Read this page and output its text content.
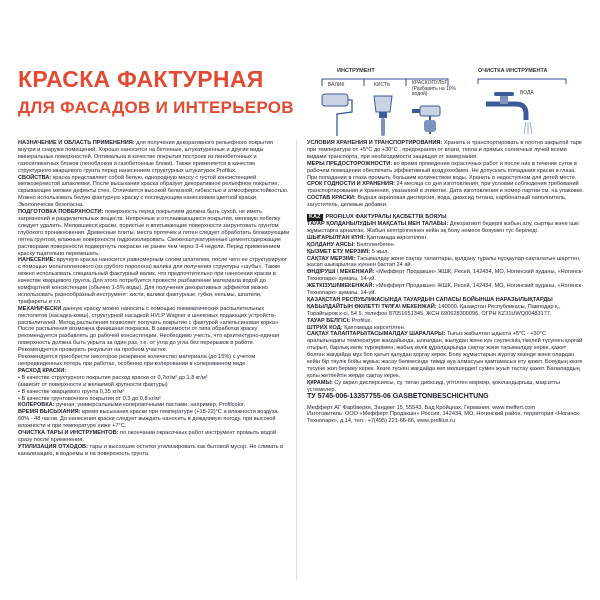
КРАСКА ФАКТУРНАЯ
ДЛЯ ФАСАДОВ И ИНТЕРЬЕРОВ
ИНСТРУМЕНТ
ВАЛИК	КИСТЬ	КРАСКОПУЛЬТ
(Разбавить на 10% водой)
ОЧИСТКА ИНСТРУМЕНТА
ВОДА

НАЗНАЧЕНИЕ И ОБЛАСТЬ ПРИМЕНЕНИЯ: для получения декоративного рельефного покрытия внутри и снаружи помещений. Хорошо наносится на бетонные, штукатуренные и другие виды минеральных поверхностей. Оптимальна в качестве покрытия построек из пенобетонных и газосиликатных блоков (пеноблоков и газобетонные блоки). Также применяется в качестве структурного кварцевого грунта перед нанесением структурных штукатурок Profilux.

СВОЙСТВА: краска представляет собой белую, однородную массу с густой консистенцией мелкозернистой шпаклевки. После высыхания краска образует декоративное рельефное покрытие, скрывающее мелкие дефекты стен. Отличается высокой белизной, гибкостью и атмосферостойкостью. Можно использовать белую фактурную краску с последующим нанесением цветной краски. Экологически безопасна.

ПОДГОТОВКА ПОВЕРХНОСТИ: поверхность перед покрытием должна быть сухой, не иметь загрязнений и разделительных веществ. Непрочные и отслаивающиеся покрытия, меловую побелку следует удалить. Меловшиеся краски, пористые и впитывающие поверхности загрунтовать грунтом глубокого проникновения. Древесные плиты, места протечек и пятен следует обработать блокирующим пятна грунтом, влажные поверхности гидроизолировать. Свежеоштукатуренные цементсодержащие растворами поверхности подвергнуть покраске не ранее чем через 3-4 недели. Перед применением краску тщательно перемешать.

НАНЕСЕНИЕ: вручную краска наносится равномерным слоем шпателем, после чего ее структурируют с помощью мольтопленового (из грубого поролона) валика для получения структуры «шубы». Также можно использовать специальный фактурный валик, что предпочтительно при нанесении краски в качестве кварцевого грунта. Для этого потребуется провести разбавление материала водой до комфортной консистенции (обычно 1-5% воды). Для получения декоративных эффектов можно использовать разнообразный инструмент: кисти, валики фактурные, губки, кельмы, шпатели, трафареты и т.п.

МЕХАНИЧЕСКИ данную краску можно наносить с помощью пневматических распылительных пистолетов (насадка-ковш), структурной насадкой HVLP Wagner и шнековых подающих устройств-распылителей. Метод распыления позволяет получать покрытие с фактурой «апельсиновая корка». После распыления возможна финишная покраска. В зависимости от типа обработки краску рекомендуется разбавлять до рабочей консистенции. Необходимо учесть, что архитектурно-единая поверхность должна быть укрыта за один раз, т.е. от угла до угла без перерывов в работе. Рекомендуется проверить результат на пробном участке.

Рекомендуется приобрести некоторое резервное количество материала (до 15%) с учетом непредвиденных потерь при работах, особенно при колеровании в колерованном виде.

РАСХОД КРАСКИ:

• В качестве структурного покрытия расход краски от 0,7кг/м² до 1,8 кг/м²

(зависит от поверхности и желаемой крупности фактуры)

• В качестве кварцевого грунта 0,35 кг/м²

• В качестве грунтовочного покрытия от 0,3 до 0,8 кг/м²

КОЛЕРОВКА: ручная, универсальными колеровочными пастами, например, Profilcolor.

ВРЕМЯ ВЫСЫХАНИЯ: время высыхания краски при температуре (+18-22)°С и влажности воздуха 60% - 48 часов. До нанесения краски следует выждать наносить в дождливую погоду, при высокой влажности и при температуре ниже +7°С.

ОЧИСТКА ТАРЫ И ИНСТРУМЕНТОВ: по окончании окрасочных работ инструмент промыть водой сразу после применения.

УТИЛИЗАЦИЯ ОТХОДОВ: тары и высохшие остатки утилизировать как бытовой мусор. Не сливать в канализацию, в водоемы и на поверхность грунта.

УСЛОВИЯ ХРАНЕНИЯ И ТРАНСПОРТИРОВАНИЯ: Хранить и транспортировать в плотно закрытой таре при температуре от +5°С до +30°С , предохраняя от влаги, тепла и прямых солнечных лучей всеми видами транспорта, при необходимости защищая от замерзания.

МЕРЫ ПРЕДОСТОРОЖНОСТИ: во время проведения окрасочных работ и после них в течение суток в рабочем помещении обеспечить эффективный воздухообмен. Не допускать попадания краски в глаза. При попадании в глаза промыть большим количеством воды. Хранить в недоступном для детей месте.

СРОК ГОДНОСТИ И ХРАНЕНИЯ: 24 месяца со дня изготовления, при условии соблюдения требований транспортирования и хранения, указанной в этикетке. Дата изготовления и номер партии см. на упаковке.

СОСТАВ КРАСКИ: Водная акриловая дисперсия, вода, диоксид титана, карбонатный наполнитель, загуститель, целевые добавки.

KAZ PROFILUX ФАКТУРАЛЫ ҚАСБЕТТІК БОЯУЫ

ТАУАР ҚОЛДАНЫЛУДЫН МАҚСАТЫ МЕН ТАЛАБЫ: Декоративті бедерлі жабын алу, сыртқы және ішкі жұмыстарға арналған. Жабын кептірілгеннен кейін ақ бояу немесе бояумен түс беріледі.

ШЫҒАРЫЛҒАН КҮНІ: Қаптамада көрсетілген.

ҚОЛДАНУ АЯСЫ: Белгіленбеген.

ҚЫЗМЕТ ЕТУ МЕРЗІМІ: 5 жыл.

САҚТАУ МЕРЗІМІ: Тасымалдау және сақтау талаптары, қолдану тұралы нұсқаулар сақталатын шарттен, жасап шығарылған күннен бастап 24 ай.

ӨНДІРУШІ \ МЕКЕНЖАЙ: «Мефферт Продакшн» ЖШК, Ресей, 142434, МО, Ногинский ауданы, «Ногинск-Технопарк» аумағы, 14-үй.

ЖЕТКІЗУШІ\МЕКЕНЖАЙ: «Мефферт Продакшн» ЖШК, Ресей, 142434, МО, Ногинский ауданы, «Ногинск-Технопарк» аумағы, 14-үй.

ҚАЗАҚСТАН РЕСПУБЛИКАСЫНДА ТАУАРДЫН САПАСЫ БОЙЫНША НАРАЗЫЛЫҚТАРДЫ ҚАБЫЛДАЙТЫН ӨКІЛЕТТІ ТҰЛҒА\ МЕКЕНЖАЙ: 140000, Қазақстан Республикасы, Павлодар қ., Торайғыров к-сі, 54 5, телефон 87051651345, ЖСН 690628300096, ОГРН KZ31UWQ00483177.

ТАУАР БЕЛГІСІ: Profilux.

ШТРИХ КОД: Қаптамада көрсетілген.

САҚТАУ ТАЛАПТАРЫ\ТАСЫМАЛДАУ ШАРАЛАРЫ: Тығыз жабылған ыдыста +5°С - +30°С аралығындағы температуре жағдайында, ылғалдан, жылудан және күн сәулесінің тікелей түсуінен қорғай отырып, барлық көлік түрлерімен, жабық көлік құралдарында сақтау және тасымалдау керек, қажет болған жағдайда мұз боп қатып қалудан қорғау керек. Бояу жұмыстарын жүргізу кезінде және олардан кейін бір тәулік бойы жұмыс жасау бөлмесінде тиімді ауа алмасуын қамтамасыз ету қажет. Бояудың көзге түсуіне жол бермеу керек. Көзге түскен жағдайда көп мөлшердегі сумен жуып тастау қажет. Балалардың қолы жетпейтін жерде сақтау керек.

ҚҰРАМЫ: Су акрил дисперсиясы, су, титан диоксиді, үгітілген мәрмәр, қоюландырғыш, мақсатты үстемелер.

ТУ 5745-006-13357755-06 GASBETONBESCHICHTUNG

Мефферт АГ Фарбверке, Зандвег 15, 55543, Бад Кройцнах, Германия, www.meffert.com

Изготовитель: ООО «Мефферт Продакшн» Россия, 142434, МО, Ногинский район, территория «Ногинск-Технопарк», д.14, тел.: +7(495) 221-66-66, www.profilux.ru
